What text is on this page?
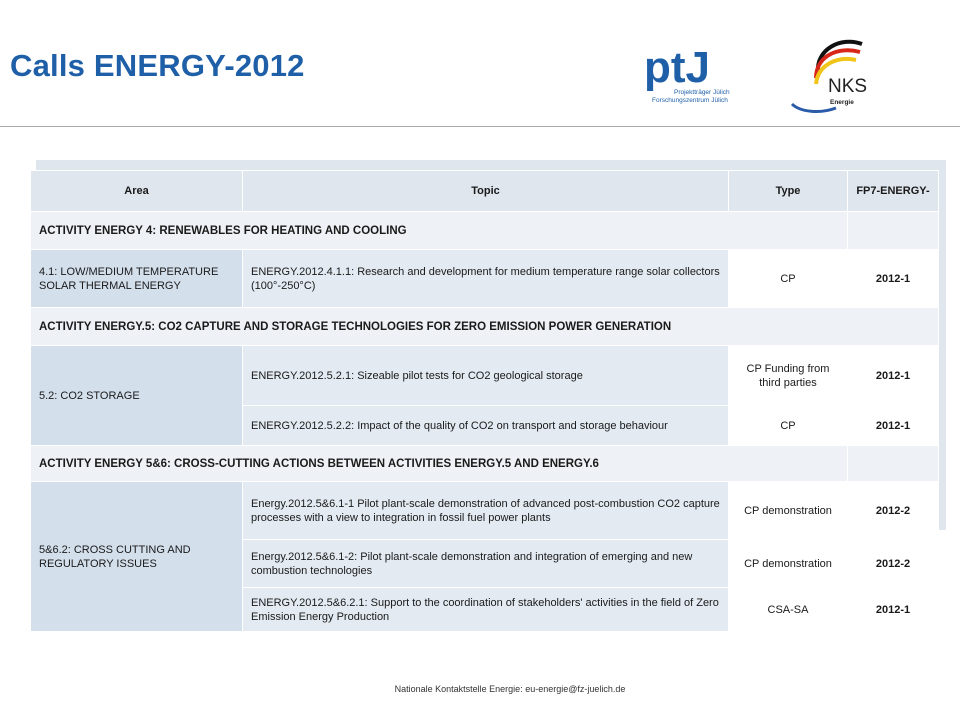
Calls ENERGY-2012	ptJ
Projektträger Jülich
Forschungszentrum Jülich
NKS
Energie
Area	Topic	Type	FP7-ENERGY-
ACTIVITY ENERGY 4: RENEWABLES FOR HEATING AND COOLING			
4.1: LOW/MEDIUM TEMPERATURE SOLAR THERMAL ENERGY	ENERGY.2012.4.1.1: Research and development for medium temperature range solar collectors (100°-250°C)	CP	2012-1
ACTIVITY ENERGY.5: CO2 CAPTURE AND STORAGE TECHNOLOGIES FOR ZERO EMISSION POWER GENERATION			
5.2: CO2 STORAGE	ENERGY.2012.5.2.1: Sizeable pilot tests for CO2 geological storage	CP Funding from third parties	2012-1
	ENERGY.2012.5.2.2: Impact of the quality of CO2 on transport and storage behaviour	CP	2012-1
ACTIVITY ENERGY 5&6: CROSS-CUTTING ACTIONS BETWEEN ACTIVITIES ENERGY.5 AND ENERGY.6			
5&6.2: CROSS CUTTING AND REGULATORY ISSUES	Energy.2012.5&6.1-1 Pilot plant-scale demonstration of advanced post-combustion CO2 capture processes with a view to integration in fossil fuel power plants	CP demonstration	2012-2
	Energy.2012.5&6.1-2: Pilot plant-scale demonstration and integration of emerging and new combustion technologies	CP demonstration	2012-2
	ENERGY.2012.5&6.2.1: Support to the coordination of stakeholders' activities in the field of Zero Emission Energy Production	CSA-SA	2012-1
Nationale Kontaktstelle Energie: eu-energie@fz-juelich.de
